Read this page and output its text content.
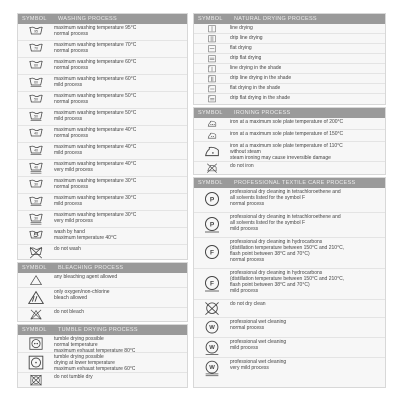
SYMBOL	WASHING PROCESS
95	maximum washing temperature 95°C
normal process
70	maximum washing temperature 70°C
normal process
60	maximum washing temperature 60°C
normal process
60	maximum washing temperature 60°C
mild process
50	maximum washing temperature 50°C
normal process
50	maximum washing temperature 50°C
mild process
40	maximum washing temperature 40°C
normal process
40	maximum washing temperature 40°C
mild process
40	maximum washing temperature 40°C
very mild process
30	maximum washing temperature 30°C
normal process
30	maximum washing temperature 30°C
mild process
30	maximum washing temperature 30°C
very mild process
wash by hand
maximum temperature 40°C
do not wash
SYMBOL	BLEACHING PROCESS
any bleaching agent allowed
only oxygen/non-chlorine
bleach allowed
do not bleach
SYMBOL	TUMBLE DRYING PROCESS
tumble drying possible
normal temperature
maximum exhaust temperature 80°C
tumble drying possible
drying at lower temperature
maximum exhaust temperature 60°C
do not tumble dry
SYMBOL	NATURAL DRYING PROCESS
line drying
drip line drying
flat drying
drip flat drying
line drying in the shade
drip line drying in the shade
flat drying in the shade
drip flat drying in the shade
SYMBOL	IRONING PROCESS
iron at a maximum sole plate temperature of 200°C
iron at a maximum sole plate temperature of 150°C
iron at a maximum sole plate temperature of 110°C
without steam
steam ironing may cause irreversible damage
do not iron
SYMBOL	PROFESSIONAL TEXTILE CARE PROCESS
P
professional dry cleaning in tetrachloroethene and
all solvents listed for the symbol F
normal process
P
professional dry cleaning in tetrachloroethene and
all solvents listed for the symbol F
mild process
F
professional dry cleaning in hydrocarbons
(distillation temperature between 150°C and 210°C,
flash point between 38°C and 70°C)
normal process
F
professional dry cleaning in hydrocarbons
(distillation temperature between 150°C and 210°C,
flash point between 38°C and 70°C)
mild process
do not dry clean
W
professional wet cleaning
normal process
W
professional wet cleaning
mild process
W
professional wet cleaning
very mild process
